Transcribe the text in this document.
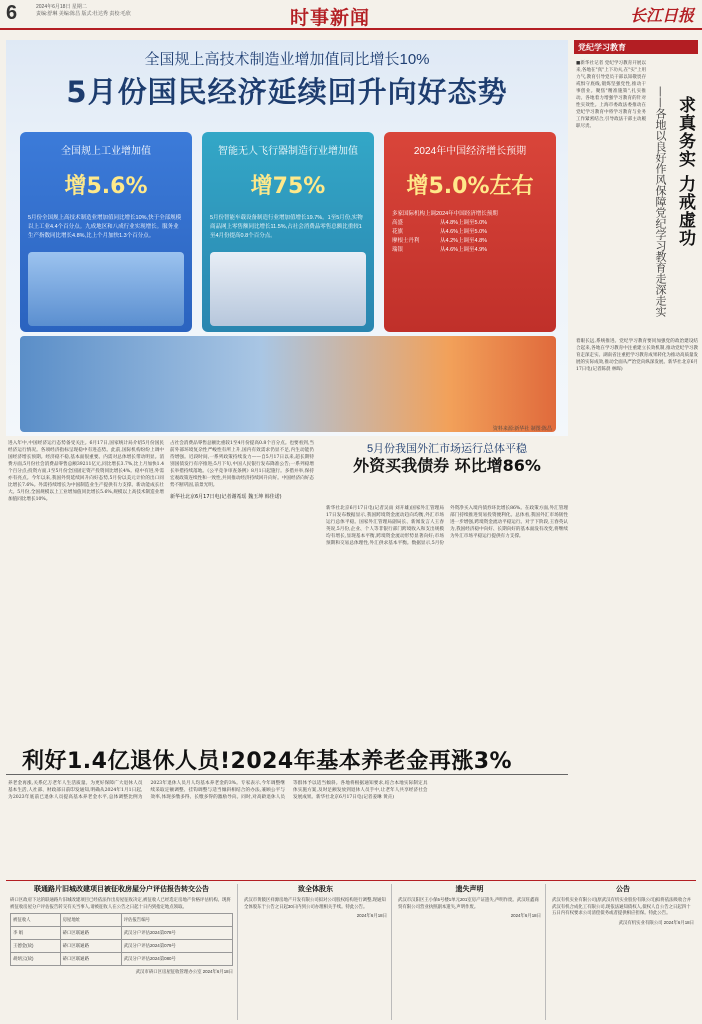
6	2024年6月18日 星期二
责编:舒琳 美编:陈昌 版式:杜达秀 责校:毛欣	时事新闻	长江日报
全国规上高技术制造业增加值同比增长10%
5月份国民经济延续回升向好态势
全国规上工业增加值
增5.6%
5月份全国规上高技术制造业增加值同比增长10%,快于全部规模以上工业4.4个百分点。九成地区和八成行业实现增长。服务业生产指数同比增长4.8%,比上个月加快1.3个百分点。
智能无人飞行器制造行业增加值
增75%
5月份智能车载设备制造行业增加值增长19.7%。1至5月份,实物商品网上零售额同比增长11.5%,占社会消费品零售总额比重较1至4月份提高0.8个百分点。
2024年中国经济增长预期
增5.0%左右
多家国际机构上调2024年中国经济增长预期
高盛	从4.8%上调至5.0%
花旗	从4.6%上调至5.0%
摩根士丹利	从4.2%上调至4.8%
瑞银	从4.6%上调至4.9%
资料来源:新华社 制图:陈昌
党纪学习教育
■新华社记者 党纪学习教育开展以来,各地在"真"上下功夫,在"实"上用力气,教育引导党员干部以知敬畏存戒惧守底线,锻炼坚强党性,推动干事创业。聚焦"精准施策",扎实推动。各地着力增强学习教育的针对性实效性。上海市委政法委推动在党纪学习教育中将学习教育与业务工作紧密结合,引导政法干部主动履职尽责。	——各地以良好作风保障党纪学习教育走深走实 求真务实 力戒虚功
着眼长远,系统推进。党纪学习教育要同加强党的政治建设结合起来,各地在学习教育中注重建立长效机制,推动党纪学习教育走深走实。湖南省注重把学习教育成果转化为推动高质量发展的实际成效,推动全面从严治党向纵深发展。新华社北京6月17日电(记者陈晨 林晖)
进入年中,中国经济运行态势备受关注。6月17日,国家统计局介绍5月份国民经济运行情况。各项经济指标呈现稳中有进态势。此前,国际机构纷纷上调中国经济增长预期。经济稳不稳,基本面很重要。内需对总体增长带动明显。消费方面,5月份社会消费品零售总额39211亿元,同比增长3.7%,比上月加快1.4个百分点;投资方面,1至5月份全国固定资产投资同比增长4%。稳中有进,外需亦有亮点。今年以来,我国外贸延续回升向好态势,5月份以美元计价的出口同比增长7.6%。外需持续增长为中国制造业生产提供有力支撑。新动能成长壮大。5月份,全国规模以上工业增加值同比增长5.6%,规模以上高技术制造业增加值同比增长10%。
占社会消费品零售总额比重较1至4月份提高0.8个百分点。也要看到,当前外部环境复杂性严峻性有所上升,国内有效需求仍显不足,内生动能仍待增强。近段时间,一系列政策持续发力——自5月17日以来,超长期特别国债发行有序推进;5月下旬,中国人民银行发布降准公告;一系列稳增长举措持续落地。《公平竞争审查条例》8月1日起施行。多措并举,保持宏观政策连续性和一致性,共同推动经济持续回升向好。中国经济向好态势不断巩固,前景光明。
新华社北京6月17日电(记者谢希瑶 魏玉坤 韩佳诺)
5月份我国外汇市场运行总体平稳
外资买我债券 环比增86%
新华社北京6月17日电(记者吴雨 刘开雄)国家外汇管理局17日发布数据显示,我国跨境资金流动趋向均衡,外汇市场运行总体平稳。国家外汇管理局副局长、新闻发言人王春英说,5月份,企业、个人等非银行部门跨境收入和支出规模均有增长,显现基本平衡,跨境资金流动形势显著向好;市场预期和交易总体理性,外汇供求基本平衡。数据显示,5月份外资净买入境内债券环比增长86%。在政策方面,外汇管理部门持续推进贸易投资便利化。总体看,我国外汇市场韧性进一步增强,跨境资金流动平稳运行。对于下阶段,王春英认为,我国经济稳中向好、长期向好的基本面没有改变,将继续为外汇市场平稳运行提供有力支撑。
利好1.4亿退休人员!2024年基本养老金再涨3%
养老金再涨,关系亿万老年人生活质量。为更好保障广大退休人员基本生活,人社部、财政部日前印发通知,明确从2024年1月1日起,为2023年底前已退休人员提高基本养老金水平,总体调整比例为2023年退休人员月人均基本养老金的3%。专家表示,今年调整继续采取定额调整、挂钩调整与适当倾斜相结合的办法,兼顾公平与效率,体现多缴多得、长缴多得的激励导向。同时,对高龄退休人员等群体予以适当倾斜。各地将根据通知要求,结合本地实际制定具体实施方案,及时足额发放到退休人员手中,让老年人共享经济社会发展成果。新华社北京6月17日电(记者姜琳 黄垚)
联通路片旧城改建项目被征收房屋分户评估报告转交公告
硚口区政府下达的联通路片旧城改建项目已经依法作出房屋征收决定,被征收人已经选定房地产价格评估机构。现将被征收房屋分户评估报告转交有关当事人,请被征收人在公告之日起十日内到指定地点领取。
被征收人	房屋地址	评估报告编号
李 娟	硚口区联通路	武汉分户评估2024第078号
王德金(故)	硚口区联通路	武汉分户评估2024第079号
胡炳云(故)	硚口区联通路	武汉分户评估2024第080号
武汉市硚口区房屋征收管理办公室 2024年6月18日
致全体股东
武汉市黄陂区祥源房地产开发有限公司拟对公司股权结构进行调整,现通知全体股东于公告之日起30日内到公司办理相关手续。特此公告。
2024年6月18日
遗失声明
武汉市汉阳区王小保5号楼1单元201室房产证遗失,声明作废。武汉旺鑫商贸有限公司营业执照副本遗失,声明作废。
2024年6月18日
公告
武汉有机实业有限公司(原武汉有机实业股份有限公司)拟将依法吸收合并武汉有机合成化工有限公司,现依法通知债权人,债权人自公告之日起四十五日内有权要求公司清偿债务或者提供相应担保。特此公告。
武汉有机实业有限公司 2024年6月18日
